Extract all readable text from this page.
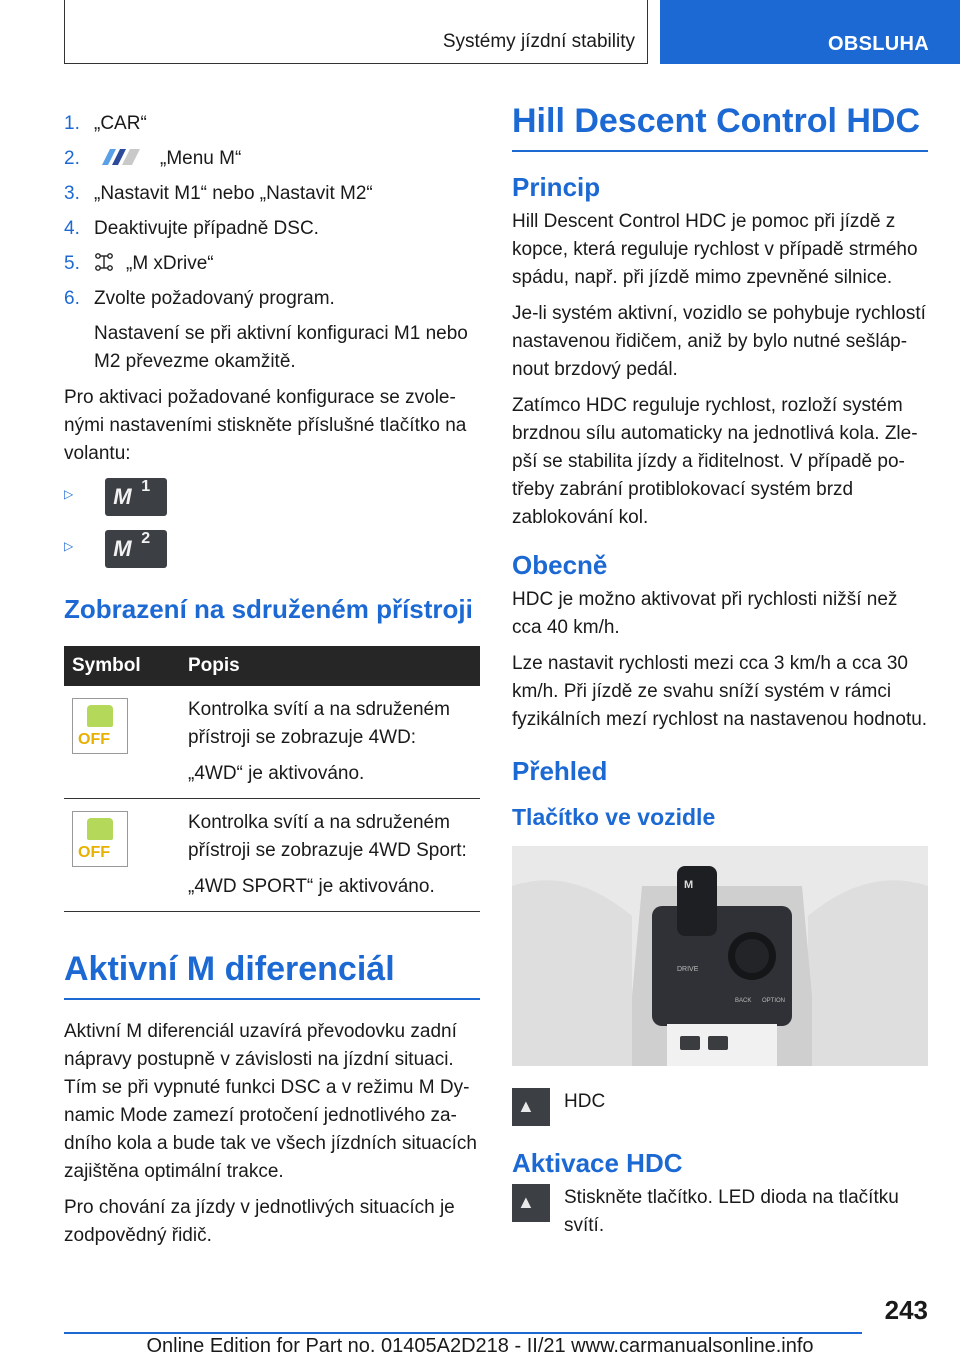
Systémy jízdní stability	OBSLUHA
1. „CAR“
2.	„Menu M“
3. „Nastavit M1“ nebo „Nastavit M2“
4. Deaktivujte případně DSC.
5.	„M xDrive“
6. Zvolte požadovaný program.

Nastavení se při aktivní konfiguraci M1 nebo M2 převezme okamžitě.

Pro aktivaci požadované konfigurace se zvolenými nastaveními stiskněte příslušné tlačítko na volantu:

▷ M 1
▷ M 2
Zobrazení na sdruženém přístroji
Symbol	Popis

OFF	Kontrolka svítí a na sdruženém přístroji se zobrazuje 4WD:

„4WD“ je aktivováno.

OFF	Kontrolka svítí a na sdruženém přístroji se zobrazuje 4WD Sport:

„4WD SPORT“ je aktivováno.

Aktivní M diferenciál

Aktivní M diferenciál uzavírá převodovku zadní nápravy postupně v závislosti na jízdní situaci. Tím se při vypnuté funkci DSC a v režimu M Dynamic Mode zamezí protočení jednotlivého zadního kola a bude tak ve všech jízdních situacích zajištěna optimální trakce.

Pro chování za jízdy v jednotlivých situacích je zodpovědný řidič.

Hill Descent Control HDC
Princip

Hill Descent Control HDC je pomoc při jízdě z kopce, která reguluje rychlost v případě strmého spádu, např. při jízdě mimo zpevněné silnice.

Je-li systém aktivní, vozidlo se pohybuje rychlostí nastavenou řidičem, aniž by bylo nutné sešlápnout brzdový pedál.

Zatímco HDC reguluje rychlost, rozloží systém brzdnou sílu automaticky na jednotlivá kola. Zlepší se stabilita jízdy a řiditelnost. V případě potřeby zabrání protiblokovací systém brzd zablokování kol.

Obecně

HDC je možno aktivovat při rychlosti nižší než cca 40 km/h.

Lze nastavit rychlosti mezi cca 3 km/h a cca 30 km/h. Při jízdě ze svahu sníží systém v rámci fyzikálních mezí rychlost na nastavenou hodnotu.

Přehled
Tlačítko ve vozidle
M
DRIVE
BACK OPTION
▲ HDC
Aktivace HDC
▲ Stiskněte tlačítko. LED dioda na tlačítku svítí.
243
Online Edition for Part no. 01405A2D218 - II/21 www.carmanualsonline.info
